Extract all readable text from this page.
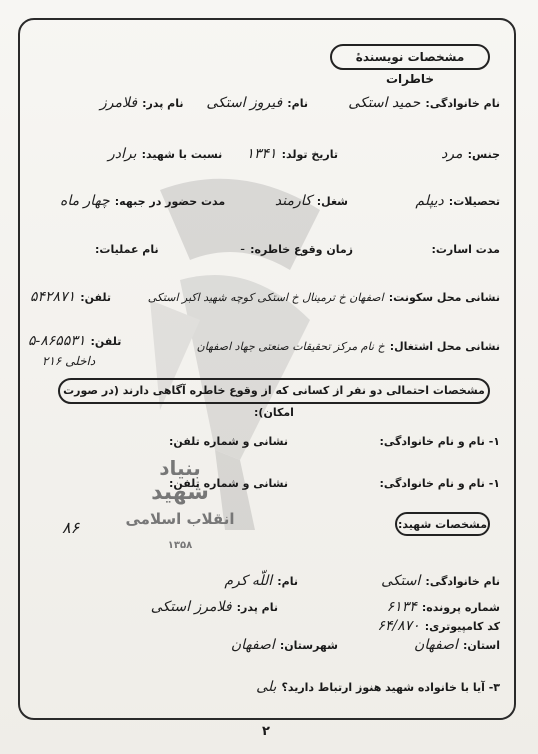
بنیاد
شهید
انقلاب اسلامی
۱۳۵۸
مشخصات نویسندهٔ خاطرات
نام خانوادگی: حمید استکی
نام: فیروز استکی
نام پدر: فلامرز
جنس: مرد
تاریخ تولد: ۱۳۴۱
نسبت با شهید: برادر
تحصیلات: دیپلم
شغل: کارمند
مدت حضور در جبهه: چهار ماه
مدت اسارت:
زمان وقوع خاطره: -
نام عملیات:
نشانی محل سکونت: اصفهان خ ترمینال خ استکی کوچه شهید اکبر استکی
تلفن: ۵۴۲۸۷۱
نشانی محل اشتغال: خ نام مرکز تحقیقات صنعتی جهاد اصفهان
تلفن: ۸۶۵۵۳۱-۵
داخلی ۲۱۶
مشخصات احتمالی دو نفر از کسانی که از وقوع خاطره آگاهی دارند (در صورت امکان):
۱- نام و نام خانوادگی:
نشانی و شماره تلفن:
۱- نام و نام خانوادگی:
نشانی و شماره تلفن:
مشخصات شهید:
۸۶
نام خانوادگی: استکی
نام: اللّه کرم
شماره پرونده: ۶۱۳۴
نام پدر: فلامرز استکی
کد کامپیوتری: ۶۴/۸۷۰
استان: اصفهان
شهرستان: اصفهان
۳- آیا با خانواده شهید هنوز ارتباط دارید؟ بلی
۲
